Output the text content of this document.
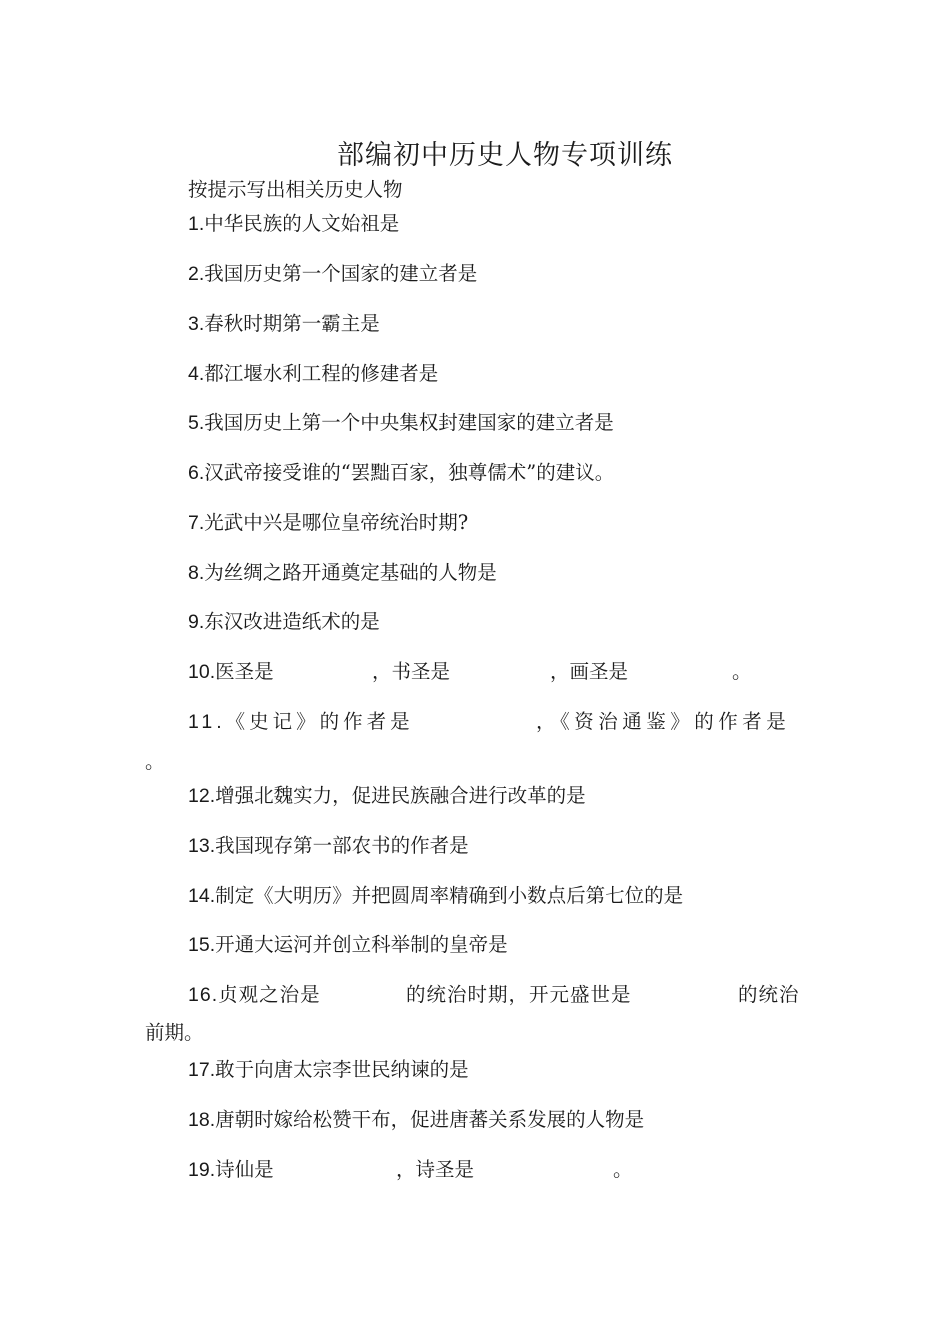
部编初中历史人物专项训练
按提示写出相关历史人物
1.中华民族的人文始祖是
2.我国历史第一个国家的建立者是
3.春秋时期第一霸主是
4.都江堰水利工程的修建者是
5.我国历史上第一个中央集权封建国家的建立者是
6.汉武帝接受谁的“罢黜百家，独尊儒术”的建议。
7.光武中兴是哪位皇帝统治时期?
8.为丝绸之路开通奠定基础的人物是
9.东汉改进造纸术的是
10.医圣是	，书圣是	，画圣是	。
11.《史记》的作者是	，《资治通鉴》的作者是
。
12.增强北魏实力，促进民族融合进行改革的是
13.我国现存第一部农书的作者是
14.制定《大明历》并把圆周率精确到小数点后第七位的是
15.开通大运河并创立科举制的皇帝是
16.贞观之治是	的统治时期，开元盛世是	的统治
前期。
17.敢于向唐太宗李世民纳谏的是
18.唐朝时嫁给松赞干布，促进唐蕃关系发展的人物是
19.诗仙是	，诗圣是	。
